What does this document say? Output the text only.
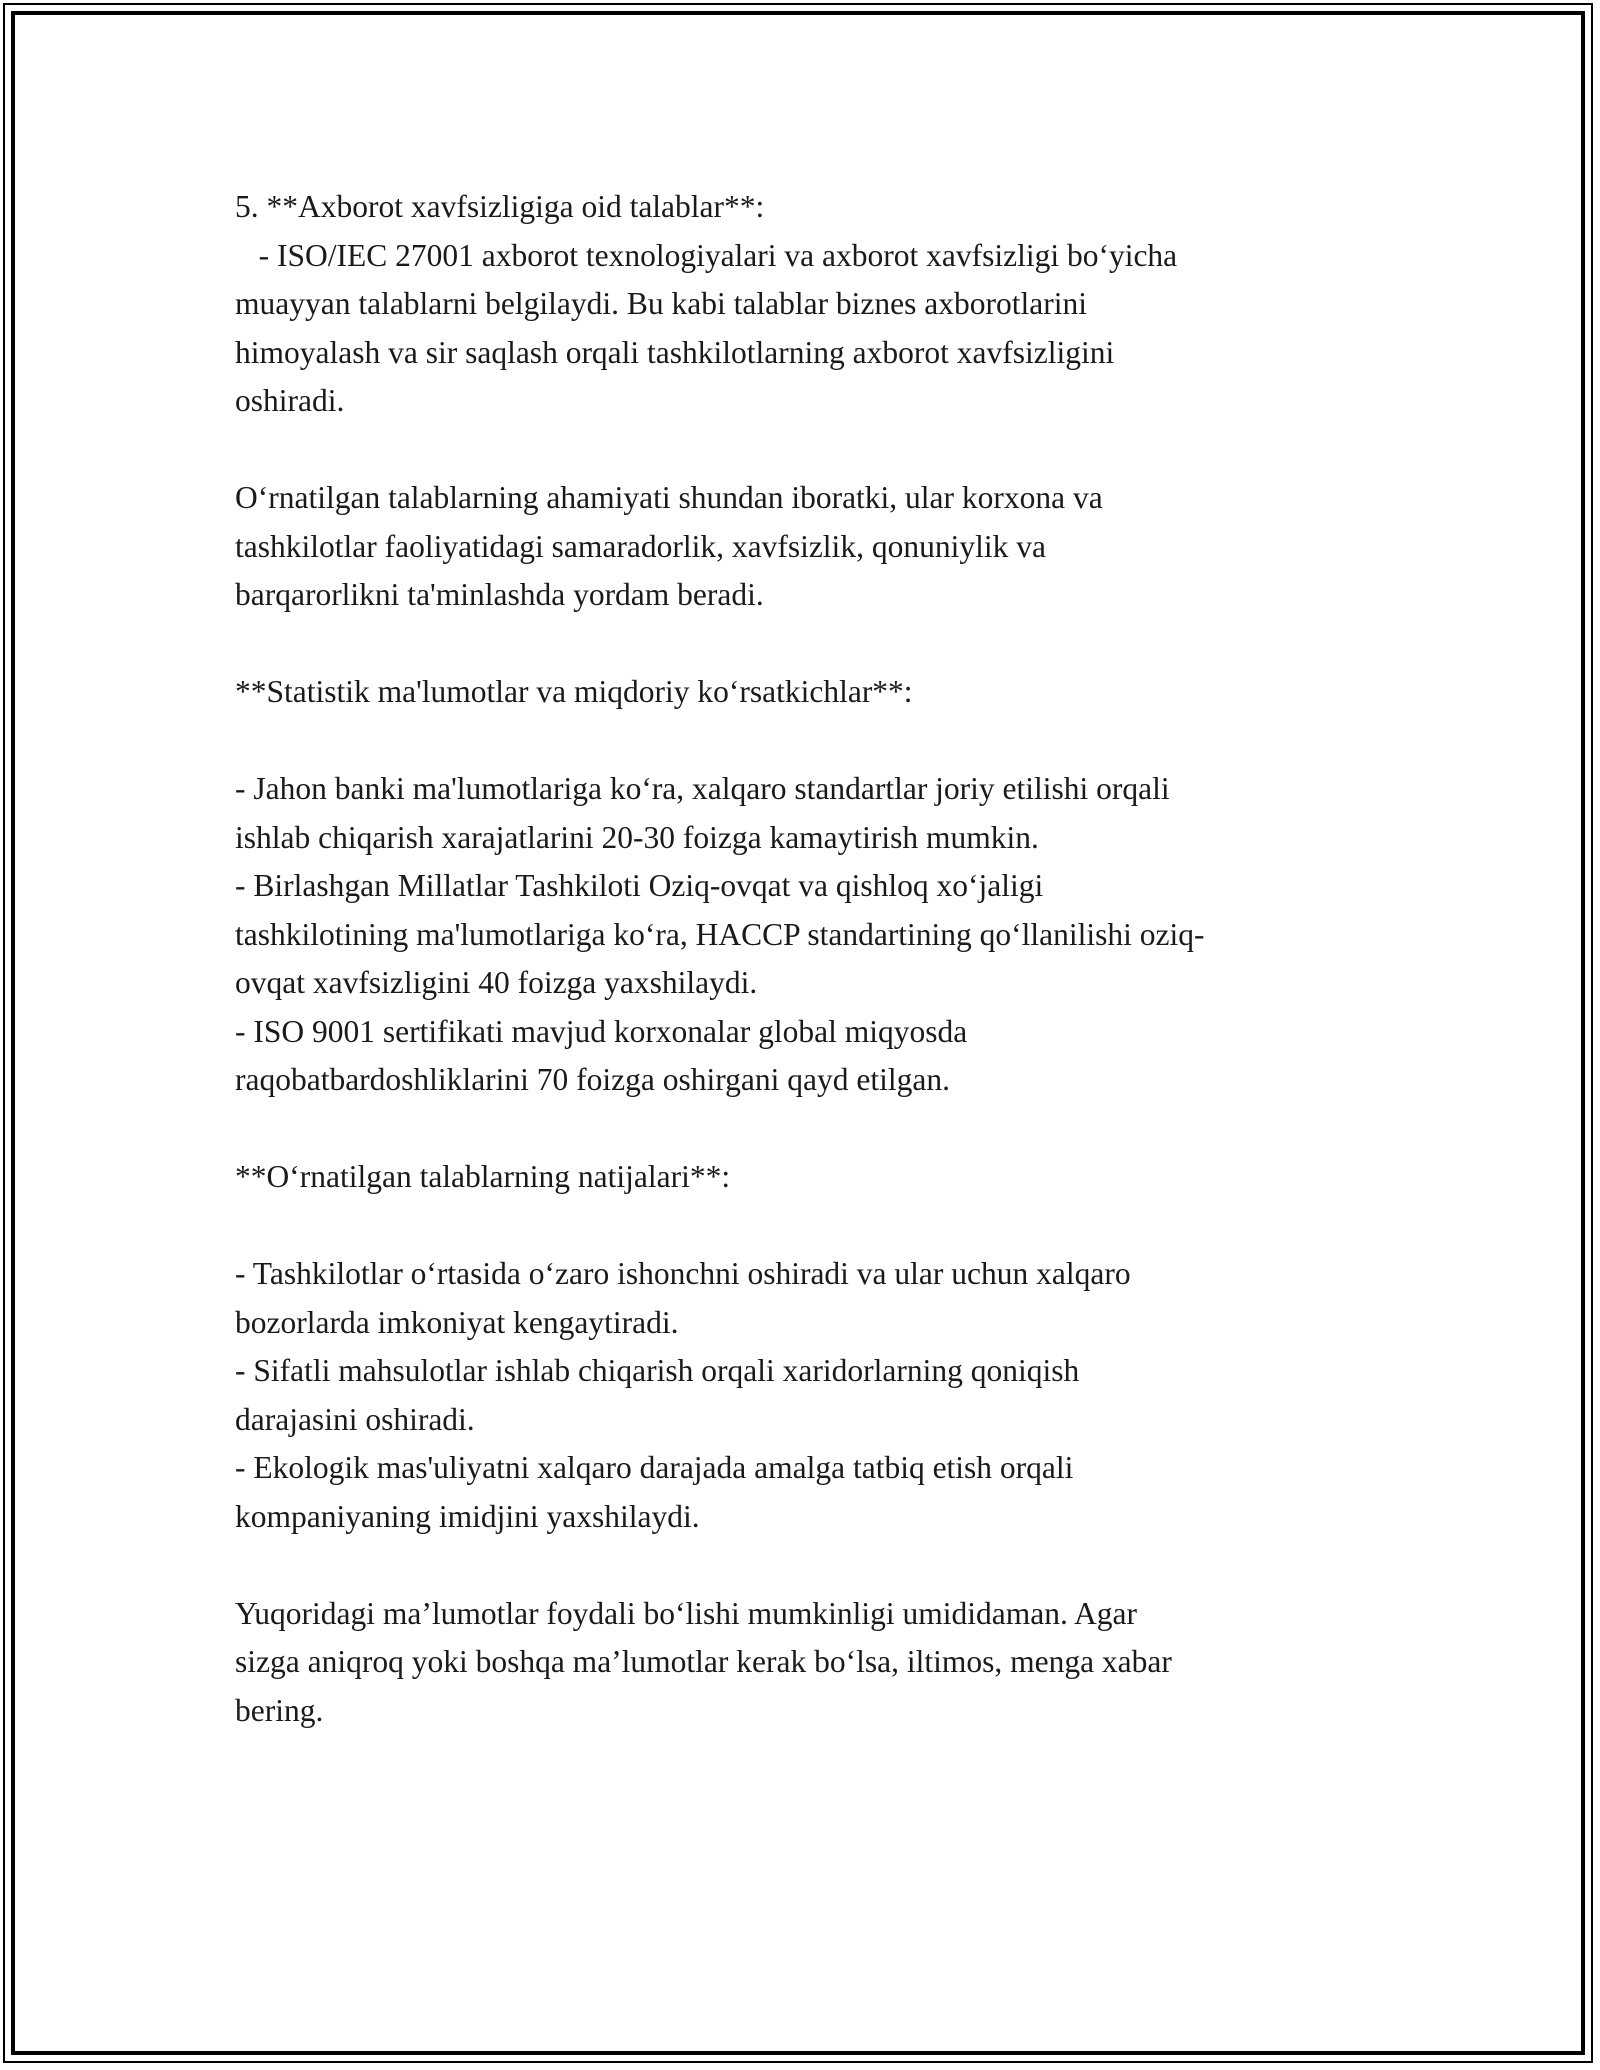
5. **Axborot xavfsizligiga oid talablar**:
- ISO/IEC 27001 axborot texnologiyalari va axborot xavfsizligi bo‘yicha
muayyan talablarni belgilaydi. Bu kabi talablar biznes axborotlarini
himoyalash va sir saqlash orqali tashkilotlarning axborot xavfsizligini
oshiradi.
O‘rnatilgan talablarning ahamiyati shundan iboratki, ular korxona va
tashkilotlar faoliyatidagi samaradorlik, xavfsizlik, qonuniylik va
barqarorlikni ta'minlashda yordam beradi.
**Statistik ma'lumotlar va miqdoriy ko‘rsatkichlar**:
- Jahon banki ma'lumotlariga ko‘ra, xalqaro standartlar joriy etilishi orqali
ishlab chiqarish xarajatlarini 20-30 foizga kamaytirish mumkin.
- Birlashgan Millatlar Tashkiloti Oziq-ovqat va qishloq xo‘jaligi
tashkilotining ma'lumotlariga ko‘ra, HACCP standartining qo‘llanilishi oziq-
ovqat xavfsizligini 40 foizga yaxshilaydi.
- ISO 9001 sertifikati mavjud korxonalar global miqyosda
raqobatbardoshliklarini 70 foizga oshirgani qayd etilgan.
**O‘rnatilgan talablarning natijalari**:
- Tashkilotlar o‘rtasida o‘zaro ishonchni oshiradi va ular uchun xalqaro
bozorlarda imkoniyat kengaytiradi.
- Sifatli mahsulotlar ishlab chiqarish orqali xaridorlarning qoniqish
darajasini oshiradi.
- Ekologik mas'uliyatni xalqaro darajada amalga tatbiq etish orqali
kompaniyaning imidjini yaxshilaydi.
Yuqoridagi ma’lumotlar foydali bo‘lishi mumkinligi umididaman. Agar
sizga aniqroq yoki boshqa ma’lumotlar kerak bo‘lsa, iltimos, menga xabar
bering.
